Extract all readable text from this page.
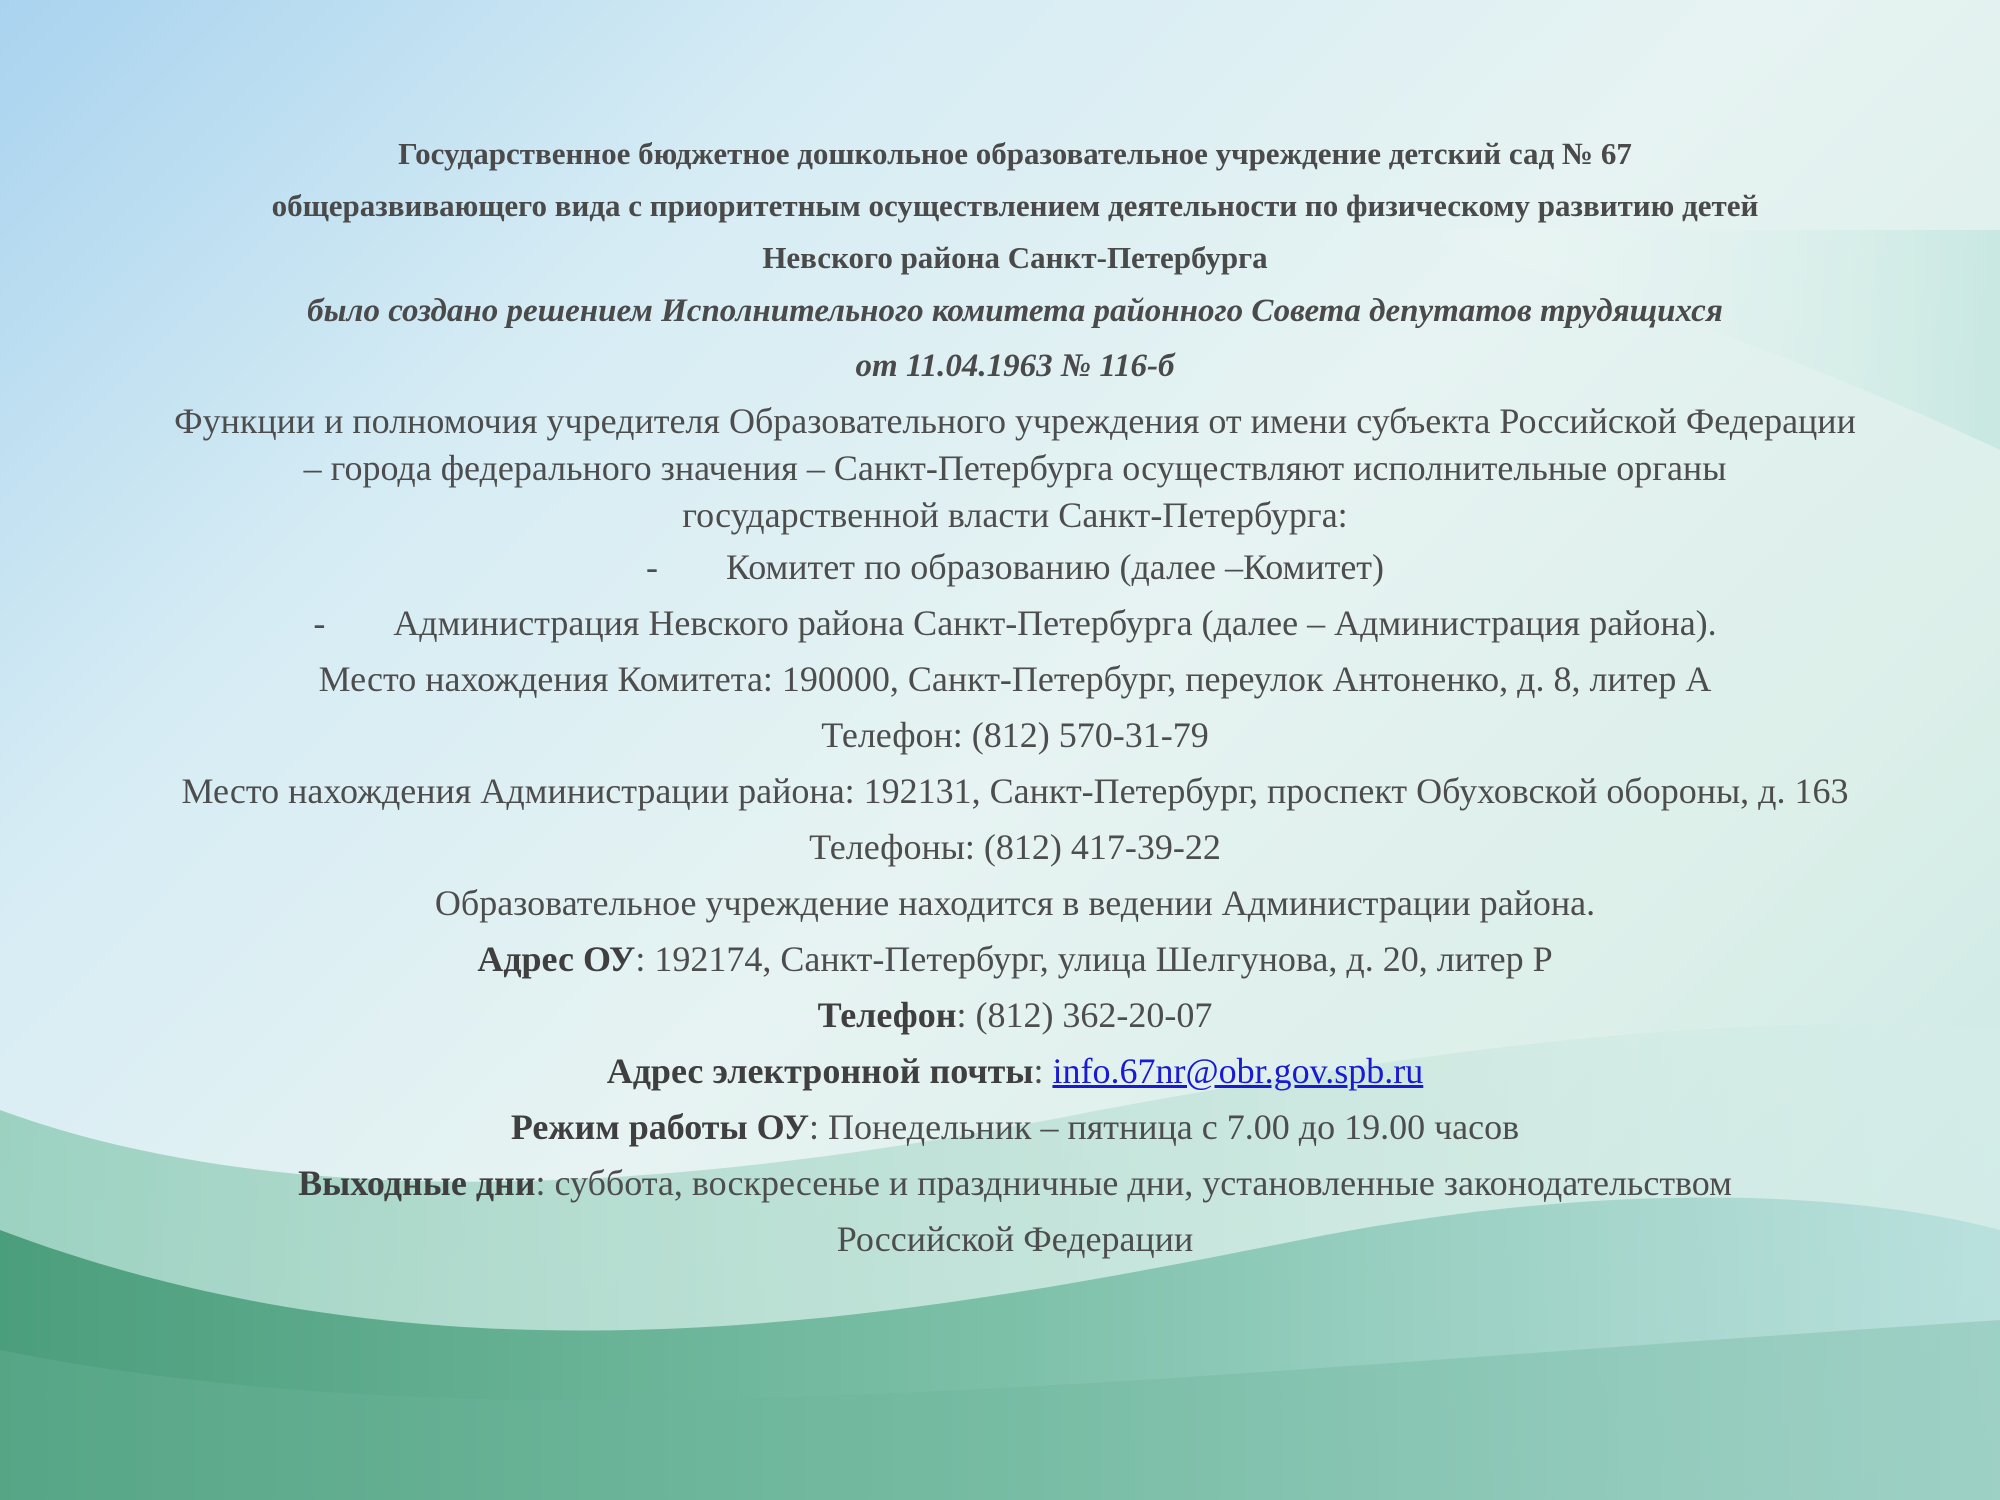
Государственное бюджетное дошкольное образовательное учреждение детский сад № 67
общеразвивающего вида с приоритетным осуществлением деятельности по физическому развитию детей
Невского района Санкт-Петербурга
было создано решением Исполнительного комитета районного Совета депутатов трудящихся
от 11.04.1963 № 116-б
Функции и полномочия учредителя Образовательного учреждения от имени субъекта Российской Федерации
– города федерального значения – Санкт-Петербурга осуществляют исполнительные органы
государственной власти Санкт-Петербурга:
- Комитет по образованию (далее –Комитет)
- Администрация Невского района Санкт-Петербурга (далее – Администрация района).
Место нахождения Комитета: 190000, Санкт-Петербург, переулок Антоненко, д. 8, литер А
Телефон: (812) 570-31-79
Место нахождения Администрации района: 192131, Санкт-Петербург, проспект Обуховской обороны, д. 163
Телефоны: (812) 417-39-22
Образовательное учреждение находится в ведении Администрации района.
Адрес ОУ: 192174, Санкт-Петербург, улица Шелгунова, д. 20, литер Р
Телефон: (812) 362-20-07
Адрес электронной почты: info.67nr@obr.gov.spb.ru
Режим работы ОУ: Понедельник – пятница с 7.00 до 19.00 часов
Выходные дни: суббота, воскресенье и праздничные дни, установленные законодательством
Российской Федерации
